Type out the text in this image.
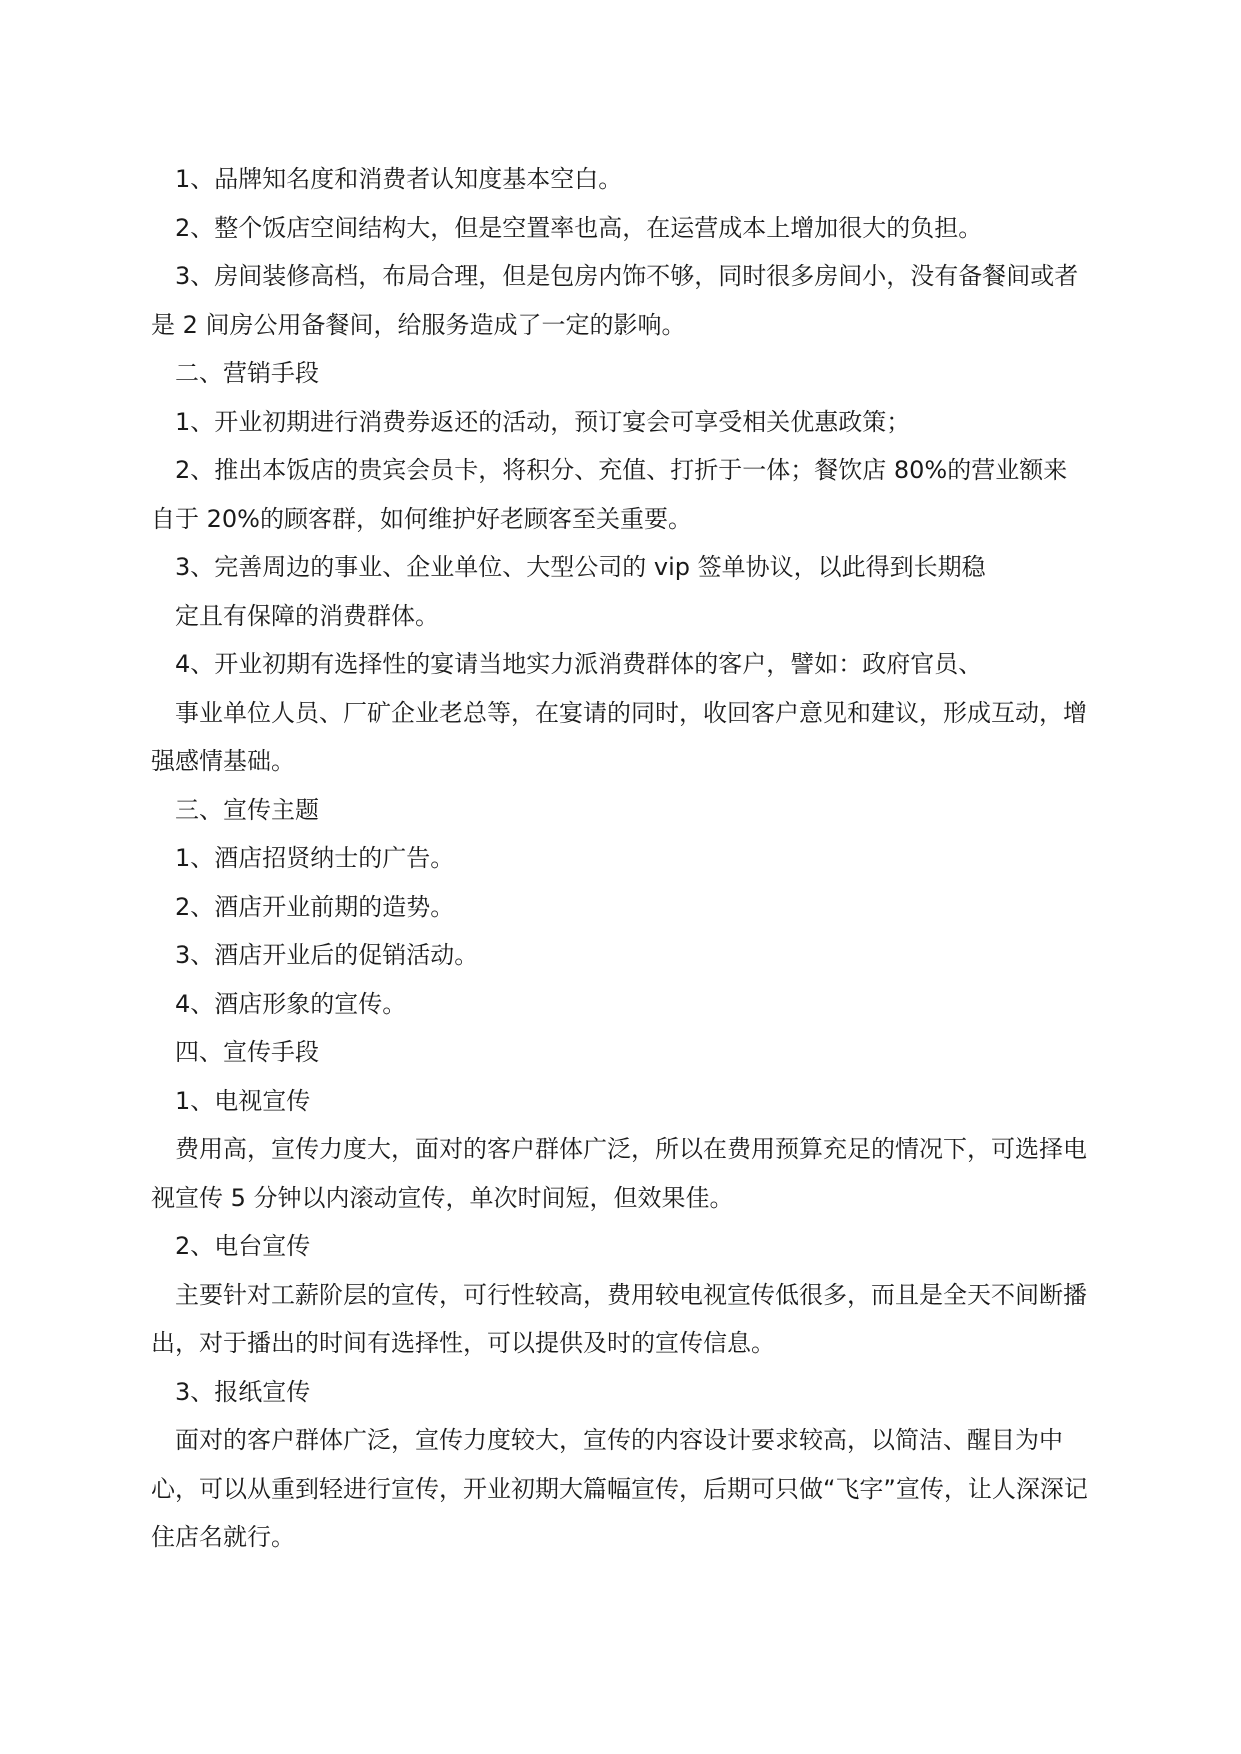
1、品牌知名度和消费者认知度基本空白。

2、整个饭店空间结构大，但是空置率也高，在运营成本上增加很大的负担。

3、房间装修高档，布局合理，但是包房内饰不够，同时很多房间小，没有备餐间或者是 2 间房公用备餐间，给服务造成了一定的影响。

二、营销手段

1、开业初期进行消费券返还的活动，预订宴会可享受相关优惠政策；

2、推出本饭店的贵宾会员卡，将积分、充值、打折于一体；餐饮店 80%的营业额来自于 20%的顾客群，如何维护好老顾客至关重要。

3、完善周边的事业、企业单位、大型公司的 vip 签单协议，以此得到长期稳

定且有保障的消费群体。

4、开业初期有选择性的宴请当地实力派消费群体的客户，譬如：政府官员、

事业单位人员、厂矿企业老总等，在宴请的同时，收回客户意见和建议，形成互动，增强感情基础。

三、宣传主题

1、酒店招贤纳士的广告。

2、酒店开业前期的造势。

3、酒店开业后的促销活动。

4、酒店形象的宣传。

四、宣传手段

1、电视宣传

费用高，宣传力度大，面对的客户群体广泛，所以在费用预算充足的情况下，可选择电视宣传 5 分钟以内滚动宣传，单次时间短，但效果佳。

2、电台宣传

主要针对工薪阶层的宣传，可行性较高，费用较电视宣传低很多，而且是全天不间断播出，对于播出的时间有选择性，可以提供及时的宣传信息。

3、报纸宣传

面对的客户群体广泛，宣传力度较大，宣传的内容设计要求较高，以简洁、醒目为中心，可以从重到轻进行宣传，开业初期大篇幅宣传，后期可只做“飞字”宣传，让人深深记住店名就行。
